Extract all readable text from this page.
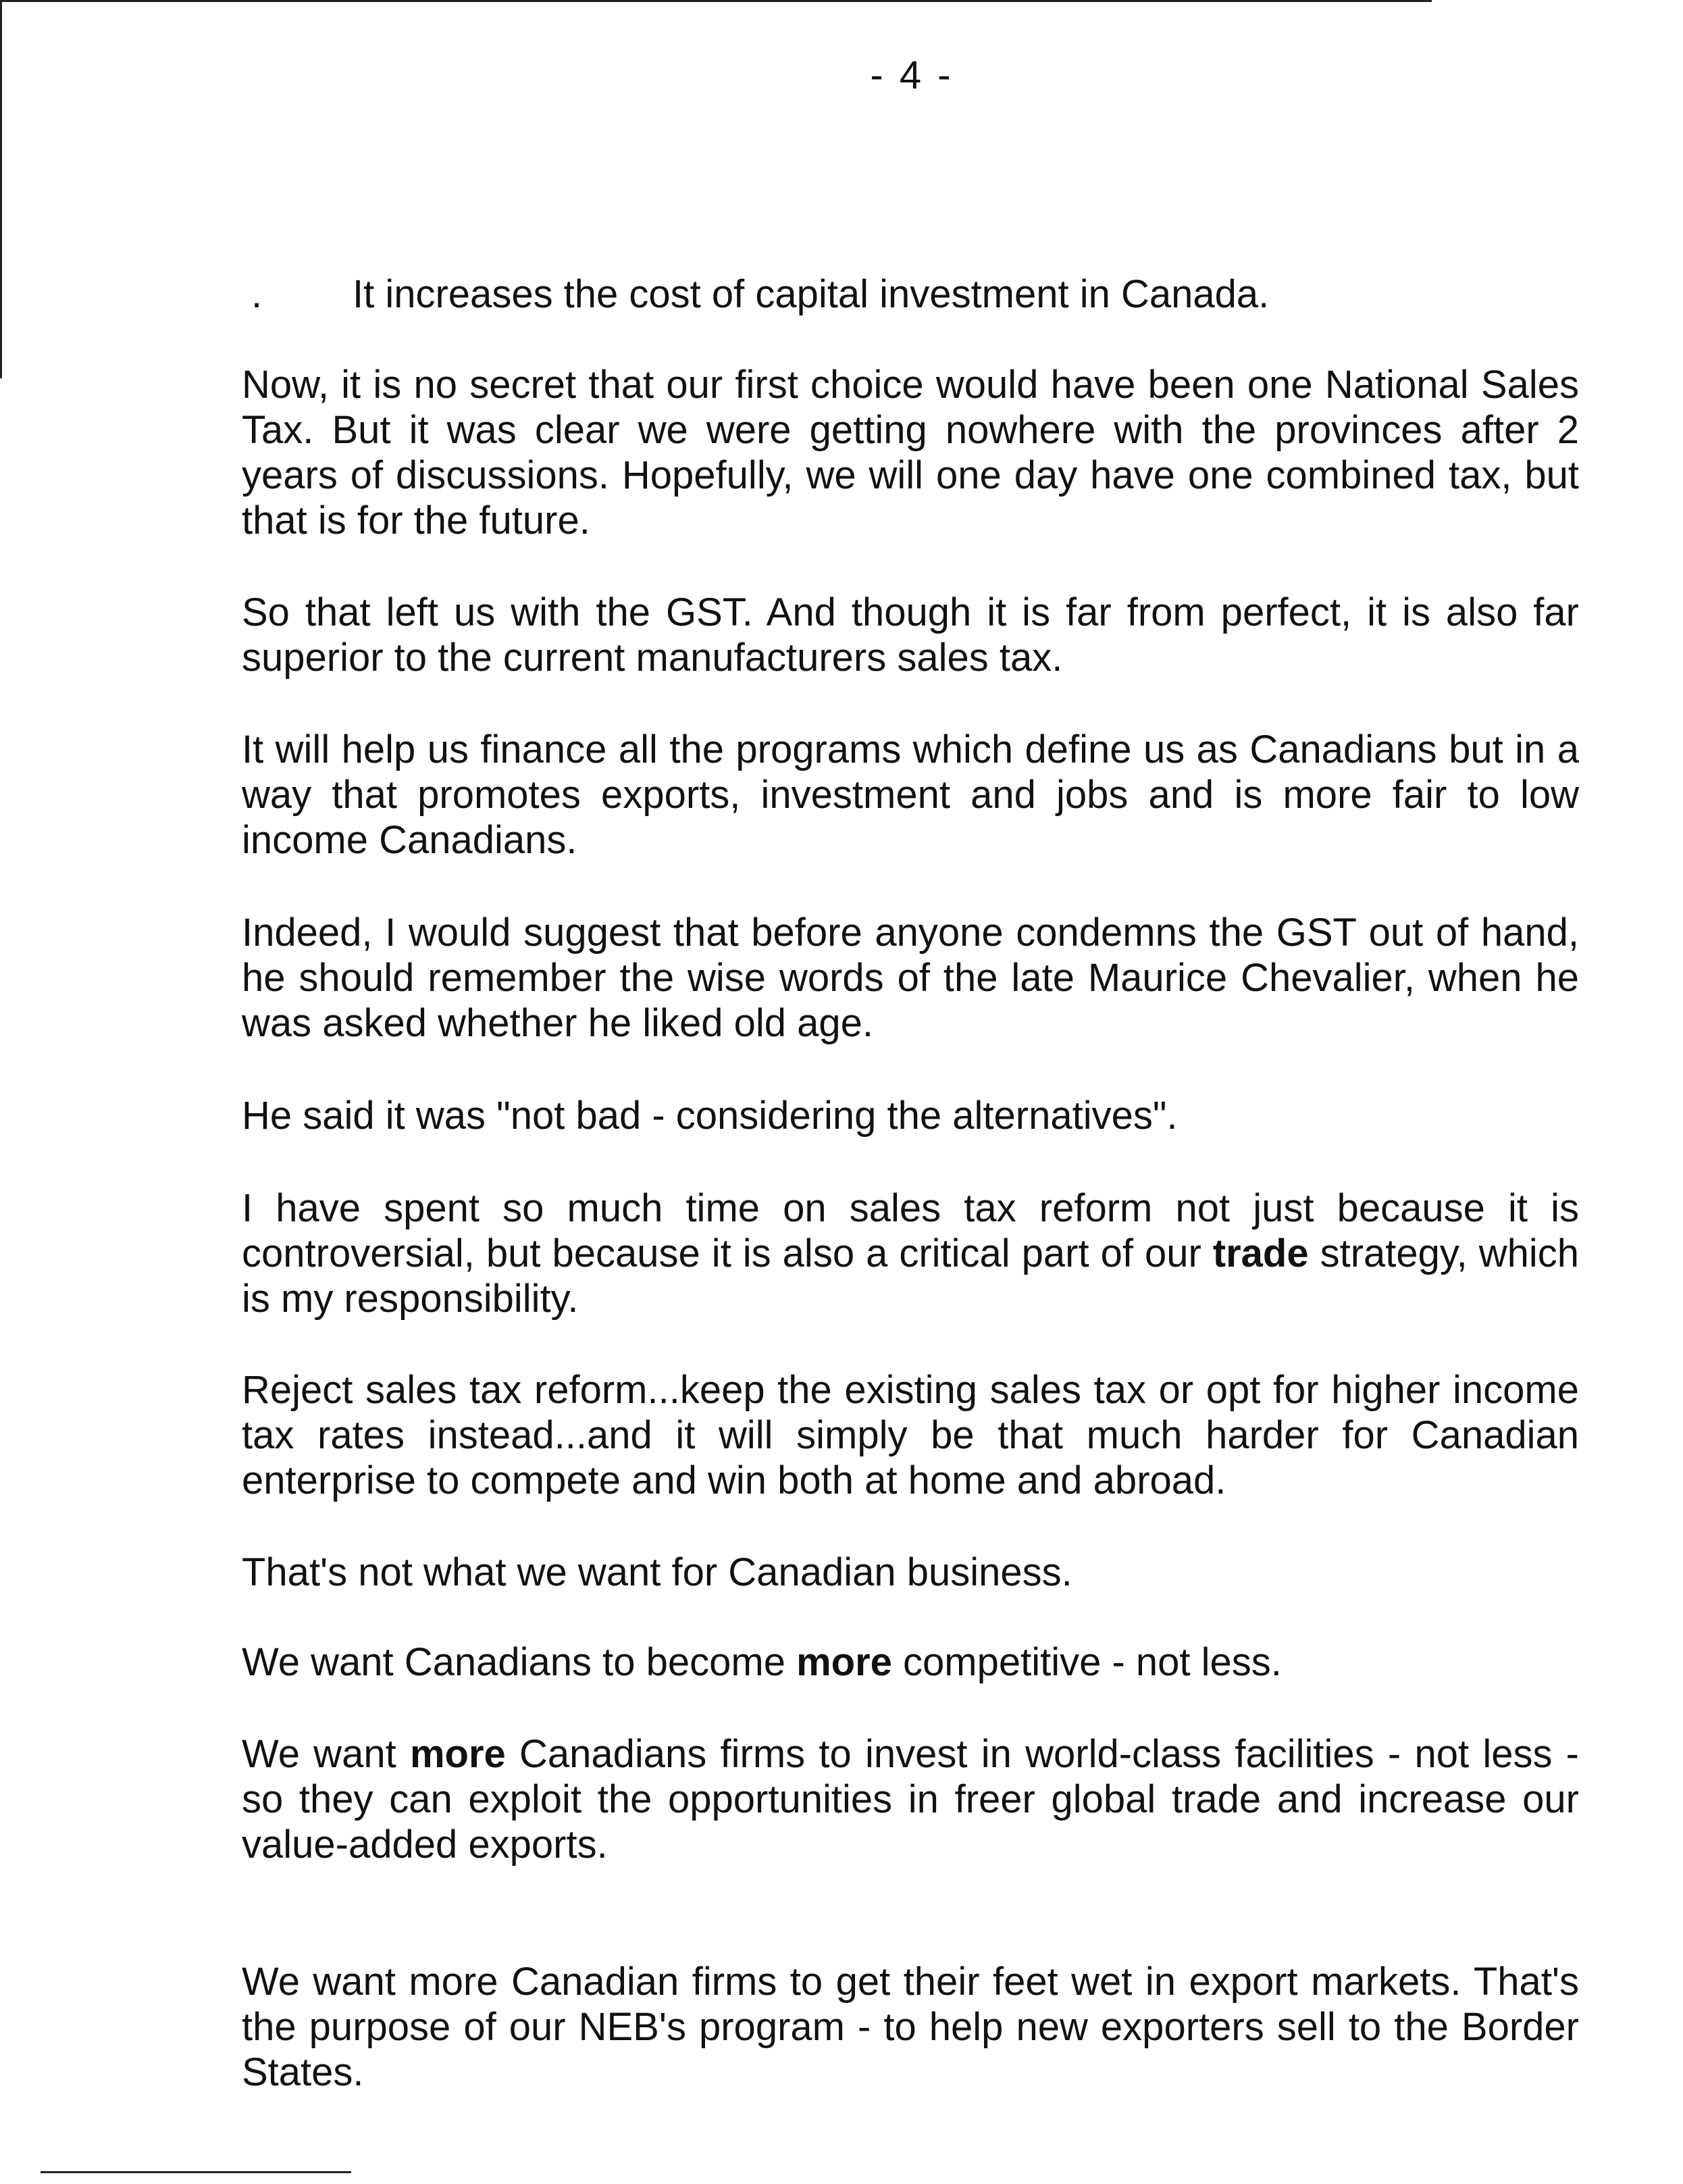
- 4 -
. It increases the cost of capital investment in Canada.
Now, it is no secret that our first choice would have been one National Sales Tax. But it was clear we were getting nowhere with the provinces after 2 years of discussions. Hopefully, we will one day have one combined tax, but that is for the future.
So that left us with the GST. And though it is far from perfect, it is also far superior to the current manufacturers sales tax.
It will help us finance all the programs which define us as Canadians but in a way that promotes exports, investment and jobs and is more fair to low income Canadians.
Indeed, I would suggest that before anyone condemns the GST out of hand, he should remember the wise words of the late Maurice Chevalier, when he was asked whether he liked old age.
He said it was "not bad - considering the alternatives".
I have spent so much time on sales tax reform not just because it is controversial, but because it is also a critical part of our trade strategy, which is my responsibility.
Reject sales tax reform...keep the existing sales tax or opt for higher income tax rates instead...and it will simply be that much harder for Canadian enterprise to compete and win both at home and abroad.
That's not what we want for Canadian business.
We want Canadians to become more competitive - not less.
We want more Canadians firms to invest in world-class facilities - not less - so they can exploit the opportunities in freer global trade and increase our value-added exports.
We want more Canadian firms to get their feet wet in export markets. That's the purpose of our NEB's program - to help new exporters sell to the Border States.
